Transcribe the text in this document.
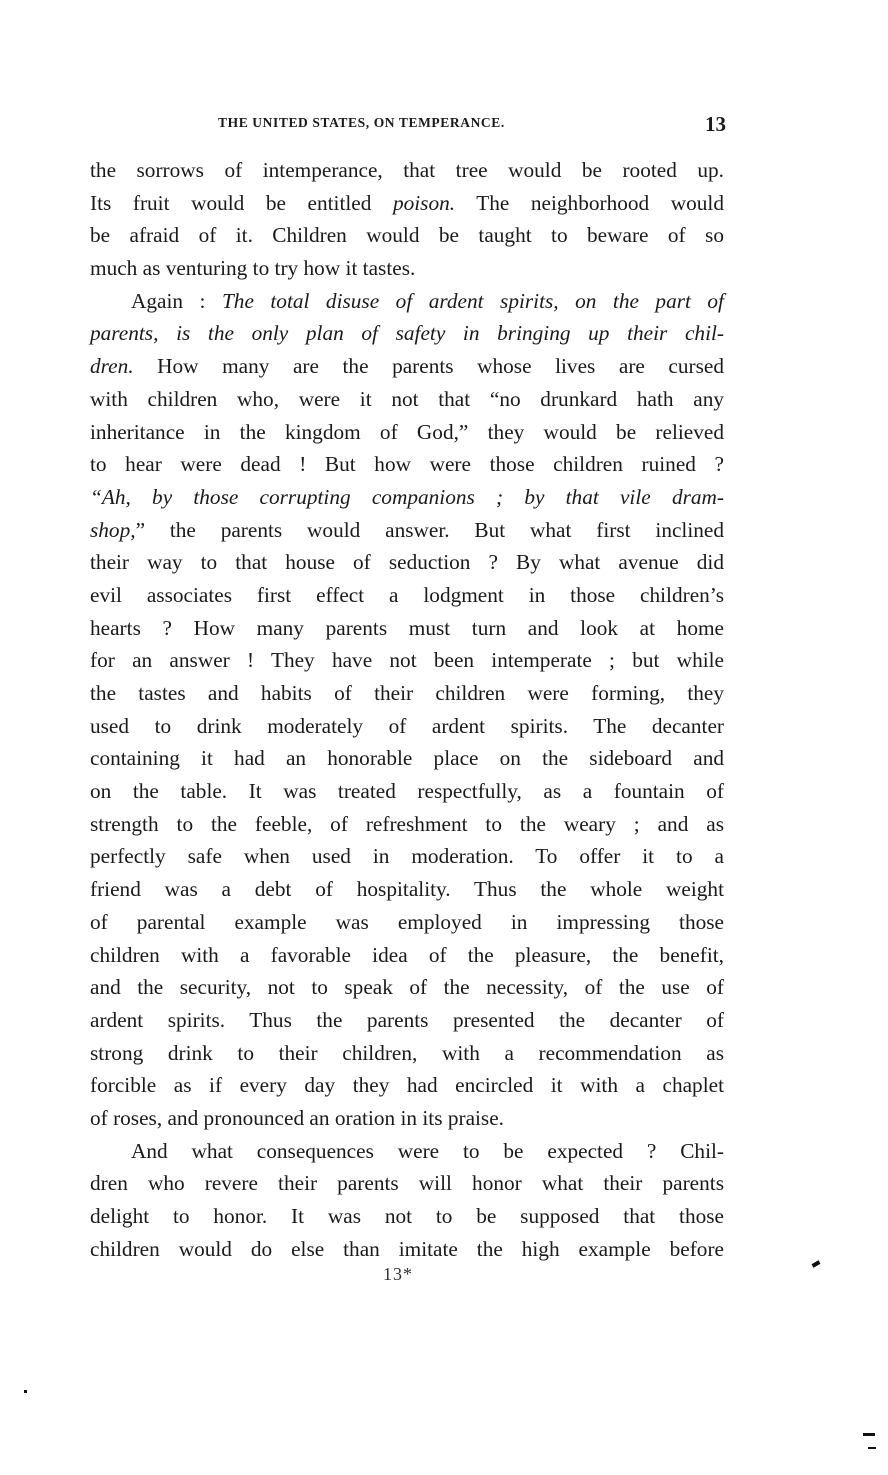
THE UNITED STATES, ON TEMPERANCE.	13
the sorrows of intemperance, that tree would be rooted up.
Its fruit would be entitled poison. The neighborhood would
be afraid of it. Children would be taught to beware of so
much as venturing to try how it tastes.
Again : The total disuse of ardent spirits, on the part of
parents, is the only plan of safety in bringing up their chil-
dren. How many are the parents whose lives are cursed
with children who, were it not that “no drunkard hath any
inheritance in the kingdom of God,” they would be relieved
to hear were dead ! But how were those children ruined ?
“Ah, by those corrupting companions ; by that vile dram-
shop,” the parents would answer. But what first inclined
their way to that house of seduction ? By what avenue did
evil associates first effect a lodgment in those children’s
hearts ? How many parents must turn and look at home
for an answer ! They have not been intemperate ; but while
the tastes and habits of their children were forming, they
used to drink moderately of ardent spirits. The decanter
containing it had an honorable place on the sideboard and
on the table. It was treated respectfully, as a fountain of
strength to the feeble, of refreshment to the weary ; and as
perfectly safe when used in moderation. To offer it to a
friend was a debt of hospitality. Thus the whole weight
of parental example was employed in impressing those
children with a favorable idea of the pleasure, the benefit,
and the security, not to speak of the necessity, of the use of
ardent spirits. Thus the parents presented the decanter of
strong drink to their children, with a recommendation as
forcible as if every day they had encircled it with a chaplet
of roses, and pronounced an oration in its praise.
And what consequences were to be expected ? Chil-
dren who revere their parents will honor what their parents
delight to honor. It was not to be supposed that those
children would do else than imitate the high example before
13*
